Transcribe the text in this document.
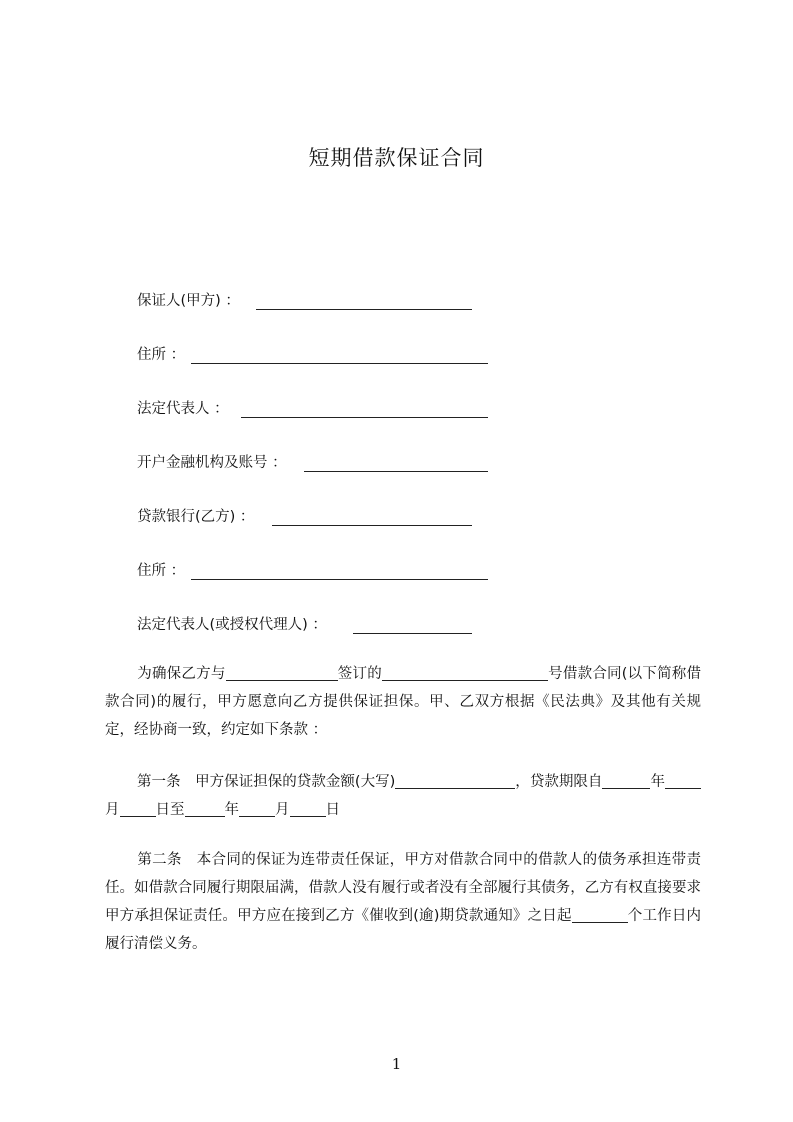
短期借款保证合同
保证人(甲方) ：
住所 ：
法定代表人 ：
开户金融机构及账号 ：
贷款银行(乙方) ：
住所 ：
法定代表人(或授权代理人) ：
为确保乙方与	签订的	号借款合同(以下简称借款合同)的履行，甲方愿意向乙方提供保证担保。甲、乙双方根据《民法典》及其他有关规定，经协商一致，约定如下条款 ：
第一条　甲方保证担保的贷款金额(大写)	，贷款期限自	年月 日至	年 月 日
第二条　本合同的保证为连带责任保证，甲方对借款合同中的借款人的债务承担连带责任。如借款合同履行期限届满，借款人没有履行或者没有全部履行其债务，乙方有权直接要求甲方承担保证责任。甲方应在接到乙方《催收到(逾)期贷款通知》之日起	个工作日内履行清偿义务。
1
